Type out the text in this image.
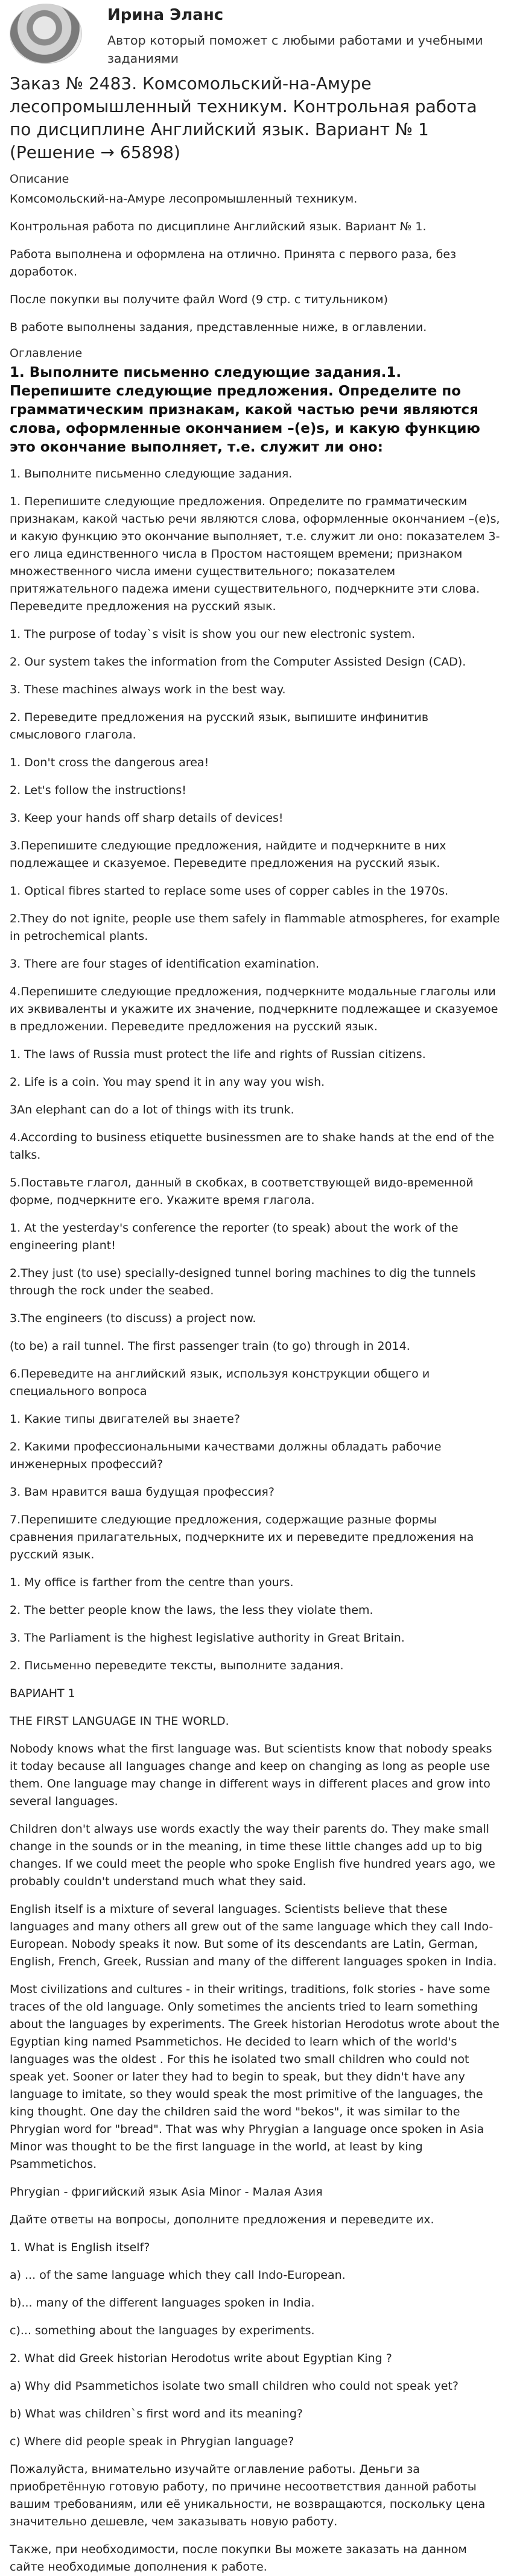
Ирина Эланс
Автор который поможет с любыми работами и учебными заданиями
Заказ № 2483. Комсомольский-на-Амуре лесопромышленный техникум. Контрольная работа по дисциплине Английский язык. Вариант № 1 (Решение → 65898)
Описание

Комсомольский-на-Амуре лесопромышленный техникум.

Контрольная работа по дисциплине Английский язык. Вариант № 1.

Работа выполнена и оформлена на отлично. Принята с первого раза, без доработок.

После покупки вы получите файл Word (9 стр. с титульником)

В работе выполнены задания, представленные ниже, в оглавлении.

Оглавление
1. Выполните письменно следующие задания.1. Перепишите следующие предложения. Определите по грамматическим признакам, какой частью речи являются слова, оформленные окончанием –(e)s, и какую функцию это окончание выполняет, т.е. служит ли оно:

1. Выполните письменно следующие задания.

1. Перепишите следующие предложения. Определите по грамматическим признакам, какой частью речи являются слова, оформленные окончанием –(e)s, и какую функцию это окончание выполняет, т.е. служит ли оно: показателем 3-его лица единственного числа в Простом настоящем времени; признаком множественного числа имени существительного; показателем притяжательного падежа имени существительного, подчеркните эти слова. Переведите предложения на русский язык.

1. The purpose of today`s visit is show you our new electronic system.

2. Our system takes the information from the Computer Assisted Design (CAD).

3. These machines always work in the best way.

2. Переведите предложения на русский язык, выпишите инфинитив смыслового глагола.

1. Don't cross the dangerous area!

2. Let's follow the instructions!

3. Keep your hands off sharp details of devices!

3.Перепишите следующие предложения, найдите и подчеркните в них подлежащее и сказуемое. Переведите предложения на русский язык.

1. Optical fibres started to replace some uses of copper cables in the 1970s.

2.They do not ignite, people use them safely in flammable atmospheres, for example in petrochemical plants.

3. There are four stages of identification examination.

4.Перепишите следующие предложения, подчеркните модальные глаголы или их эквиваленты и укажите их значение, подчеркните подлежащее и сказуемое в предложении. Переведите предложения на русский язык.

1. The laws of Russia must protect the life and rights of Russian citizens.

2. Life is a coin. You may spend it in any way you wish.

3An elephant can do a lot of things with its trunk.

4.According to business etiquette businessmen are to shake hands at the end of the talks.

5.Поставьте глагол, данный в скобках, в соответствующей видо-временной форме, подчеркните его. Укажите время глагола.

1. At the yesterday's conference the reporter (to speak) about the work of the engineering plant!

2.They just (to use) specially-designed tunnel boring machines to dig the tunnels through the rock under the seabed.

3.The engineers (to discuss) a project now.

(to be) a rail tunnel. The first passenger train (to go) through in 2014.

6.Переведите на английский язык, используя конструкции общего и специального вопроса

1. Какие типы двигателей вы знаете?

2. Какими профессиональными качествами должны обладать рабочие инженерных профессий?

3. Вам нравится ваша будущая профессия?

7.Перепишите следующие предложения, содержащие разные формы сравнения прилагательных, подчеркните их и переведите предложения на русский язык.

1. My office is farther from the centre than yours.

2. The better people know the laws, the less they violate them.

3. The Parliament is the highest legislative authority in Great Britain.

2. Письменно переведите тексты, выполните задания.

ВАРИАНТ 1

THE FIRST LANGUAGE IN THE WORLD.

Nobody knows what the first language was. But scientists know that nobody speaks it today because all languages change and keep on changing as long as people use them. One language may change in different ways in different places and grow into several languages.

Children don't always use words exactly the way their parents do. They make small change in the sounds or in the meaning, in time these little changes add up to big changes. If we could meet the people who spoke English five hundred years ago, we probably couldn't understand much what they said.

English itself is a mixture of several languages. Scientists believe that these languages and many others all grew out of the same language which they call Indo-European. Nobody speaks it now. But some of its descendants are Latin, German, English, French, Greek, Russian and many of the different languages spoken in India.

Most civilizations and cultures - in their writings, traditions, folk stories - have some traces of the old language. Only sometimes the ancients tried to learn something about the languages by experiments. The Greek historian Herodotus wrote about the Egyptian king named Psammetichos. He decided to learn which of the world's languages was the oldest . For this he isolated two small children who could not speak yet. Sooner or later they had to begin to speak, but they didn't have any language to imitate, so they would speak the most primitive of the languages, the king thought. One day the children said the word "bekos", it was similar to the Phrygian word for "bread". That was why Phrygian a language once spoken in Asia Minor was thought to be the first language in the world, at least by king Psammetichos.

Phrygian - фригийский язык Asia Minor - Малая Азия

Дайте ответы на вопросы, дополните предложения и переведите их.

1. What is English itself?

a) ... of the same language which they call Indo-European.

b)... many of the different languages spoken in India.

c)... something about the languages by experiments.

2. What did Greek historian Herodotus write about Egyptian King ?

a) Why did Psammetichos isolate two small children who could not speak yet?

b) What was children`s first word and its meaning?

c) Where did people speak in Phrygian language?

Пожалуйста, внимательно изучайте оглавление работы. Деньги за приобретённую готовую работу, по причине несоответствия данной работы вашим требованиям, или её уникальности, не возвращаются, поскольку цена значительно дешевле, чем заказывать новую работу.

Также, при необходимости, после покупки Вы можете заказать на данном сайте необходимые дополнения к работе.
